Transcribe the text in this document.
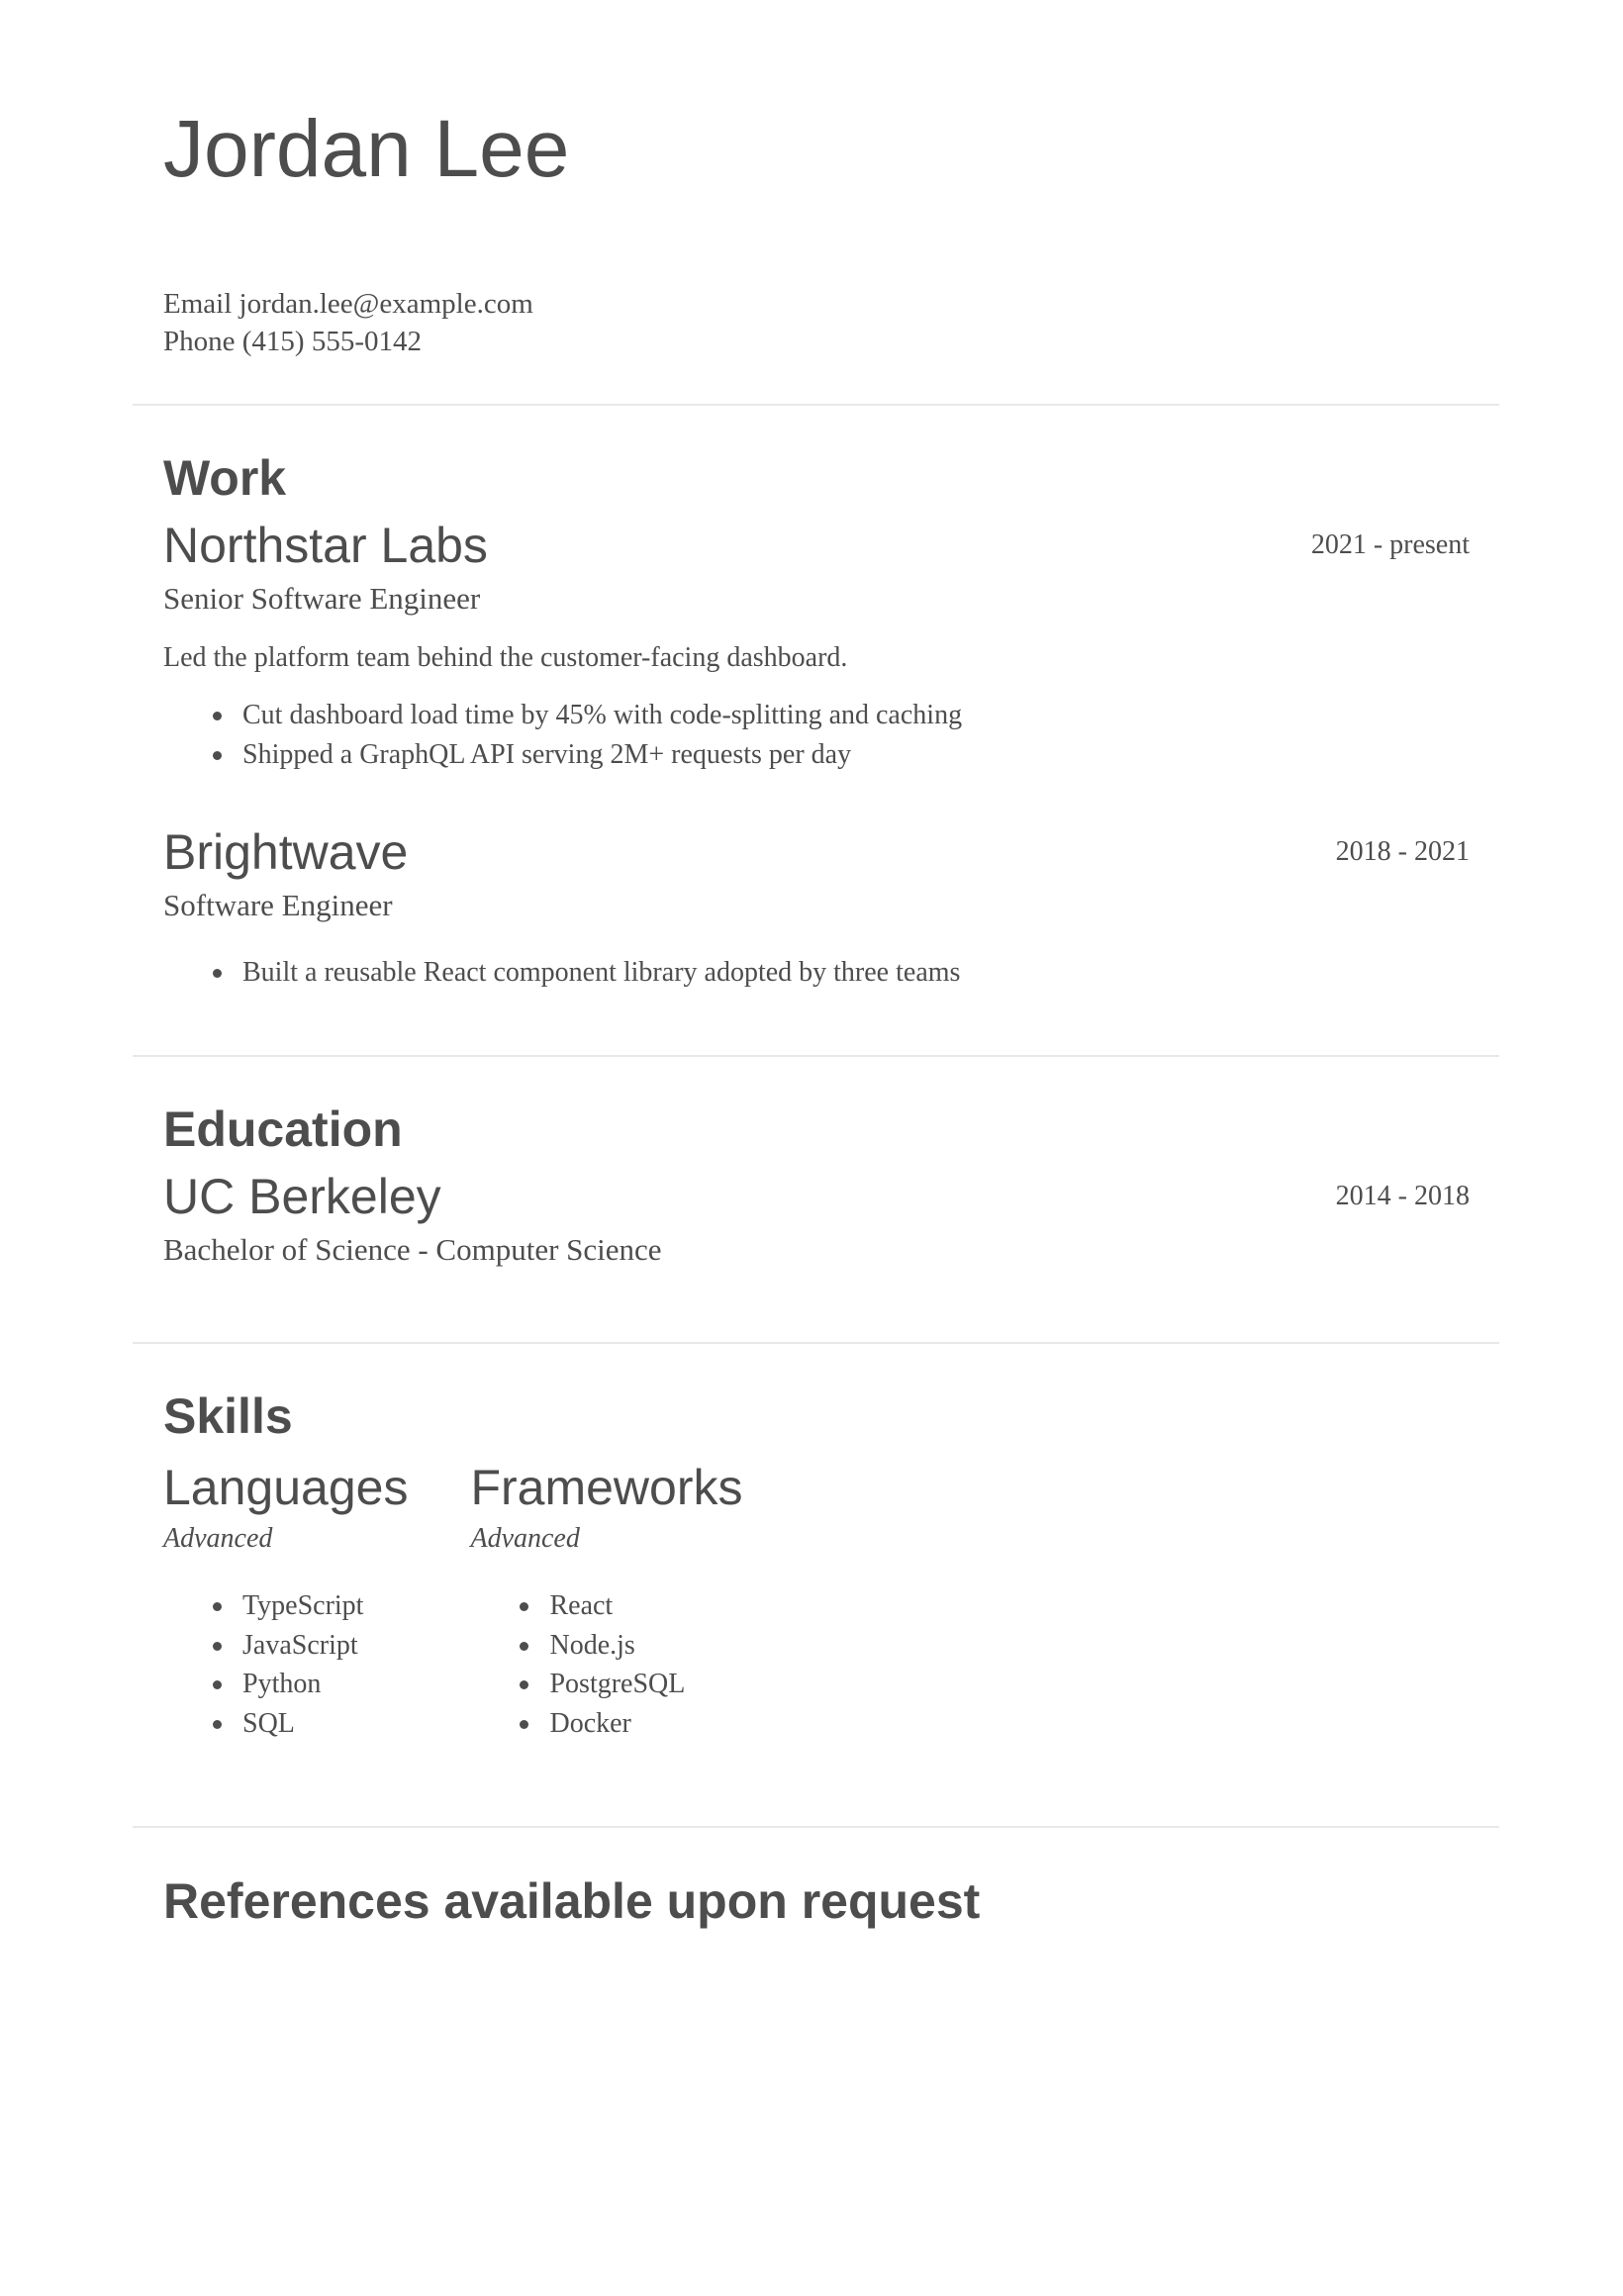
Jordan Lee
Email jordan.lee@example.com
Phone (415) 555-0142
Work
Northstar Labs	2021 - present
Senior Software Engineer
Led the platform team behind the customer-facing dashboard.
Cut dashboard load time by 45% with code-splitting and caching
Shipped a GraphQL API serving 2M+ requests per day
Brightwave	2018 - 2021
Software Engineer
Built a reusable React component library adopted by three teams
Education
UC Berkeley	2014 - 2018
Bachelor of Science - Computer Science
Skills
Languages
Advanced
TypeScript
JavaScript
Python
SQL
Frameworks
Advanced
React
Node.js
PostgreSQL
Docker
References available upon request
